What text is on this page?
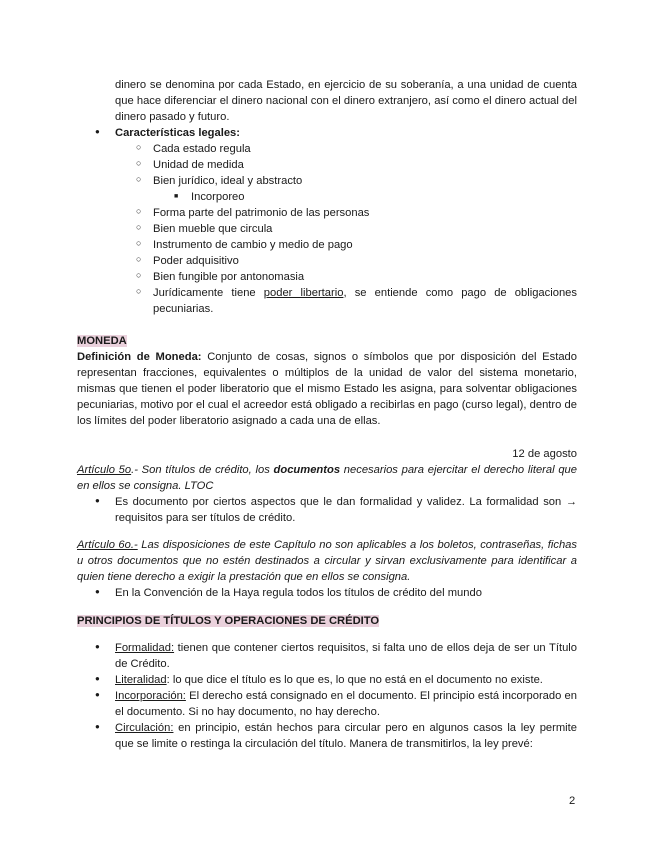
dinero se denomina por cada Estado, en ejercicio de su soberanía, a una unidad de cuenta que hace diferenciar el dinero nacional con el dinero extranjero, así como el dinero actual del dinero pasado y futuro.
●
Características legales:
○
Cada estado regula
○
Unidad de medida
○
Bien jurídico, ideal y abstracto
■
Incorporeo
○
Forma parte del patrimonio de las personas
○
Bien mueble que circula
○
Instrumento de cambio y medio de pago
○
Poder adquisitivo
○
Bien fungible por antonomasia
○
Jurídicamente tiene poder libertario, se entiende como pago de obligaciones pecuniarias.
MONEDA
Definición de Moneda: Conjunto de cosas, signos o símbolos que por disposición del Estado representan fracciones, equivalentes o múltiplos de la unidad de valor del sistema monetario, mismas que tienen el poder liberatorio que el mismo Estado les asigna, para solventar obligaciones pecuniarias, motivo por el cual el acreedor está obligado a recibirlas en pago (curso legal), dentro de los límites del poder liberatorio asignado a cada una de ellas.
12 de agosto
Artículo 5o.- Son títulos de crédito, los documentos necesarios para ejercitar el derecho literal que en ellos se consigna. LTOC
●
Es documento por ciertos aspectos que le dan formalidad y validez. La formalidad son → requisitos para ser títulos de crédito.
Artículo 6o.- Las disposiciones de este Capítulo no son aplicables a los boletos, contraseñas, fichas u otros documentos que no estén destinados a circular y sirvan exclusivamente para identificar a quien tiene derecho a exigir la prestación que en ellos se consigna.
●
En la Convención de la Haya regula todos los títulos de crédito del mundo
PRINCIPIOS DE TÍTULOS Y OPERACIONES DE CRÉDITO
●
Formalidad: tienen que contener ciertos requisitos, si falta uno de ellos deja de ser un Título de Crédito.
●
Literalidad: lo que dice el título es lo que es, lo que no está en el documento no existe.
●
Incorporación: El derecho está consignado en el documento. El principio está incorporado en el documento. Si no hay documento, no hay derecho.
●
Circulación: en principio, están hechos para circular pero en algunos casos la ley permite que se limite o restinga la circulación del título. Manera de transmitirlos, la ley prevé:
2
